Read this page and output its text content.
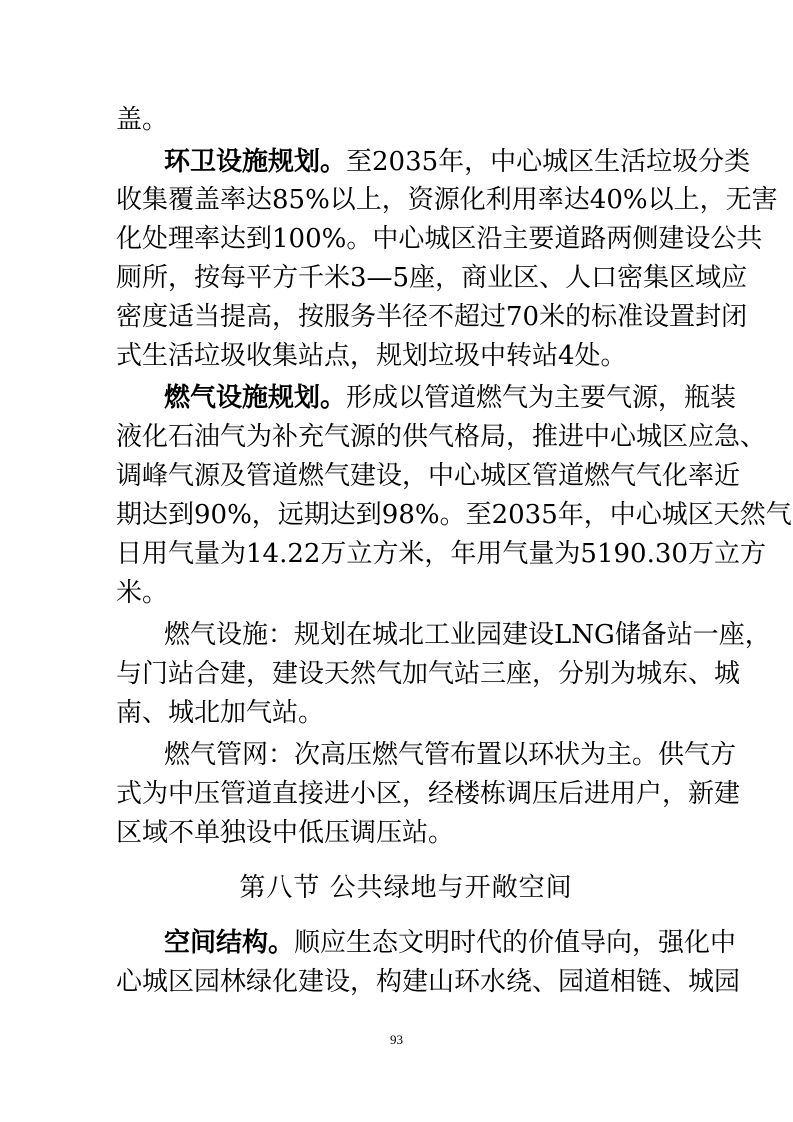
盖。
环卫设施规划。至2035年，中心城区生活垃圾分类
收集覆盖率达85%以上，资源化利用率达40%以上，无害
化处理率达到100%。中心城区沿主要道路两侧建设公共
厕所，按每平方千米3—5座，商业区、人口密集区域应
密度适当提高，按服务半径不超过70米的标准设置封闭
式生活垃圾收集站点，规划垃圾中转站4处。
燃气设施规划。形成以管道燃气为主要气源，瓶装
液化石油气为补充气源的供气格局，推进中心城区应急、
调峰气源及管道燃气建设，中心城区管道燃气气化率近
期达到90%，远期达到98%。至2035年，中心城区天然气
日用气量为14.22万立方米，年用气量为5190.30万立方
米。
燃气设施：规划在城北工业园建设LNG储备站一座，
与门站合建，建设天然气加气站三座，分别为城东、城
南、城北加气站。
燃气管网：次高压燃气管布置以环状为主。供气方
式为中压管道直接进小区，经楼栋调压后进用户，新建
区域不单独设中低压调压站。
第八节 公共绿地与开敞空间
空间结构。顺应生态文明时代的价值导向，强化中
心城区园林绿化建设，构建山环水绕、园道相链、城园
93
